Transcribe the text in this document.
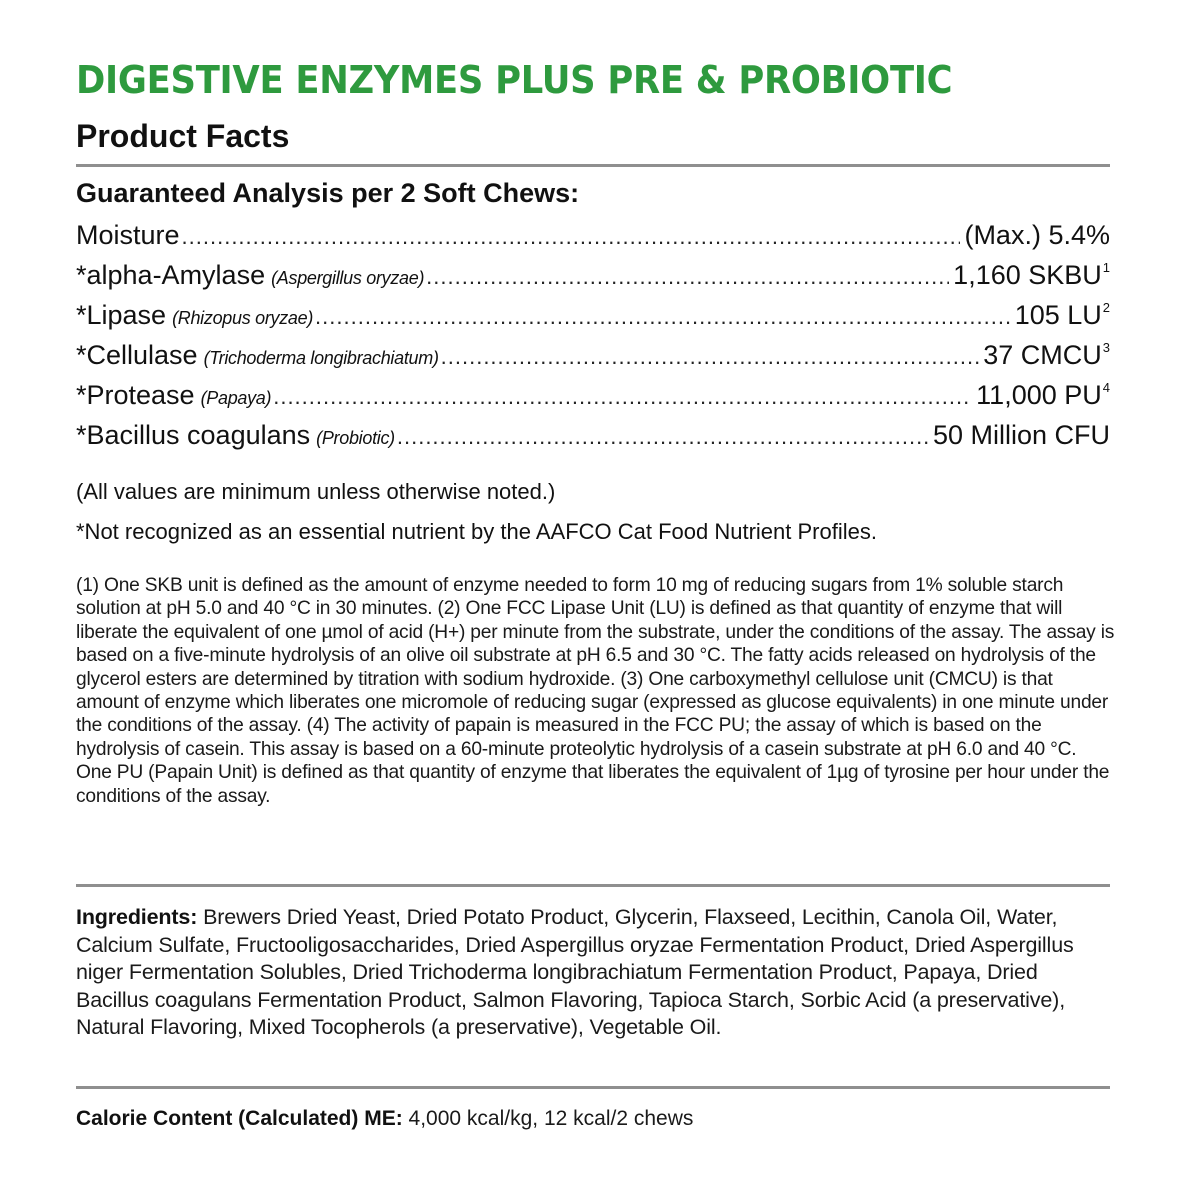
DIGESTIVE ENZYMES PLUS PRE & PROBIOTIC
Product Facts
Guaranteed Analysis per 2 Soft Chews:
Moisture .....	(Max.) 5.4%
*alpha-Amylase (Aspergillus oryzae) .....	1,160 SKBU$^1$
*Lipase (Rhizopus oryzae) .....	105 $LU^2$
*Cellulase (Trichoderma longibrachiatum) .....	37 CMCU$^3$
*Protease (Papaya) .....	11,000 $PU^4$
*Bacillus coagulans (Probiotic) .....	50 Million CFU
(All values are minimum unless otherwise noted.)
*Not recognized as an essential nutrient by the AAFCO Cat Food Nutrient Profiles.
(1) One SKB unit is defined as the amount of enzyme needed to form 10 mg of reducing sugars from 1% soluble starch solution at pH 5.0 and 40 °C in 30 minutes. (2) One FCC Lipase Unit (LU) is defined as that quantity of enzyme that will liberate the equivalent of one µmol of acid (H+) per minute from the substrate, under the conditions of the assay. The assay is based on a five-minute hydrolysis of an olive oil substrate at pH 6.5 and 30 °C. The fatty acids released on hydrolysis of the glycerol esters are determined by titration with sodium hydroxide. (3) One carboxymethyl cellulose unit (CMCU) is that amount of enzyme which liberates one micromole of reducing sugar (expressed as glucose equivalents) in one minute under the conditions of the assay. (4) The activity of papain is measured in the FCC PU; the assay of which is based on the hydrolysis of casein. This assay is based on a 60-minute proteolytic hydrolysis of a casein substrate at pH 6.0 and 40 °C. One PU (Papain Unit) is defined as that quantity of enzyme that liberates the equivalent of 1µg of tyrosine per hour under the conditions of the assay.
Ingredients: Brewers Dried Yeast, Dried Potato Product, Glycerin, Flaxseed, Lecithin, Canola Oil, Water, Calcium Sulfate, Fructooligosaccharides, Dried Aspergillus oryzae Fermentation Product, Dried Aspergillus niger Fermentation Solubles, Dried Trichoderma longibrachiatum Fermentation Product, Papaya, Dried Bacillus coagulans Fermentation Product, Salmon Flavoring, Tapioca Starch, Sorbic Acid (a preservative), Natural Flavoring, Mixed Tocopherols (a preservative), Vegetable Oil.
Calorie Content (Calculated) ME: 4,000 kcal/kg, 12 kcal/2 chews
